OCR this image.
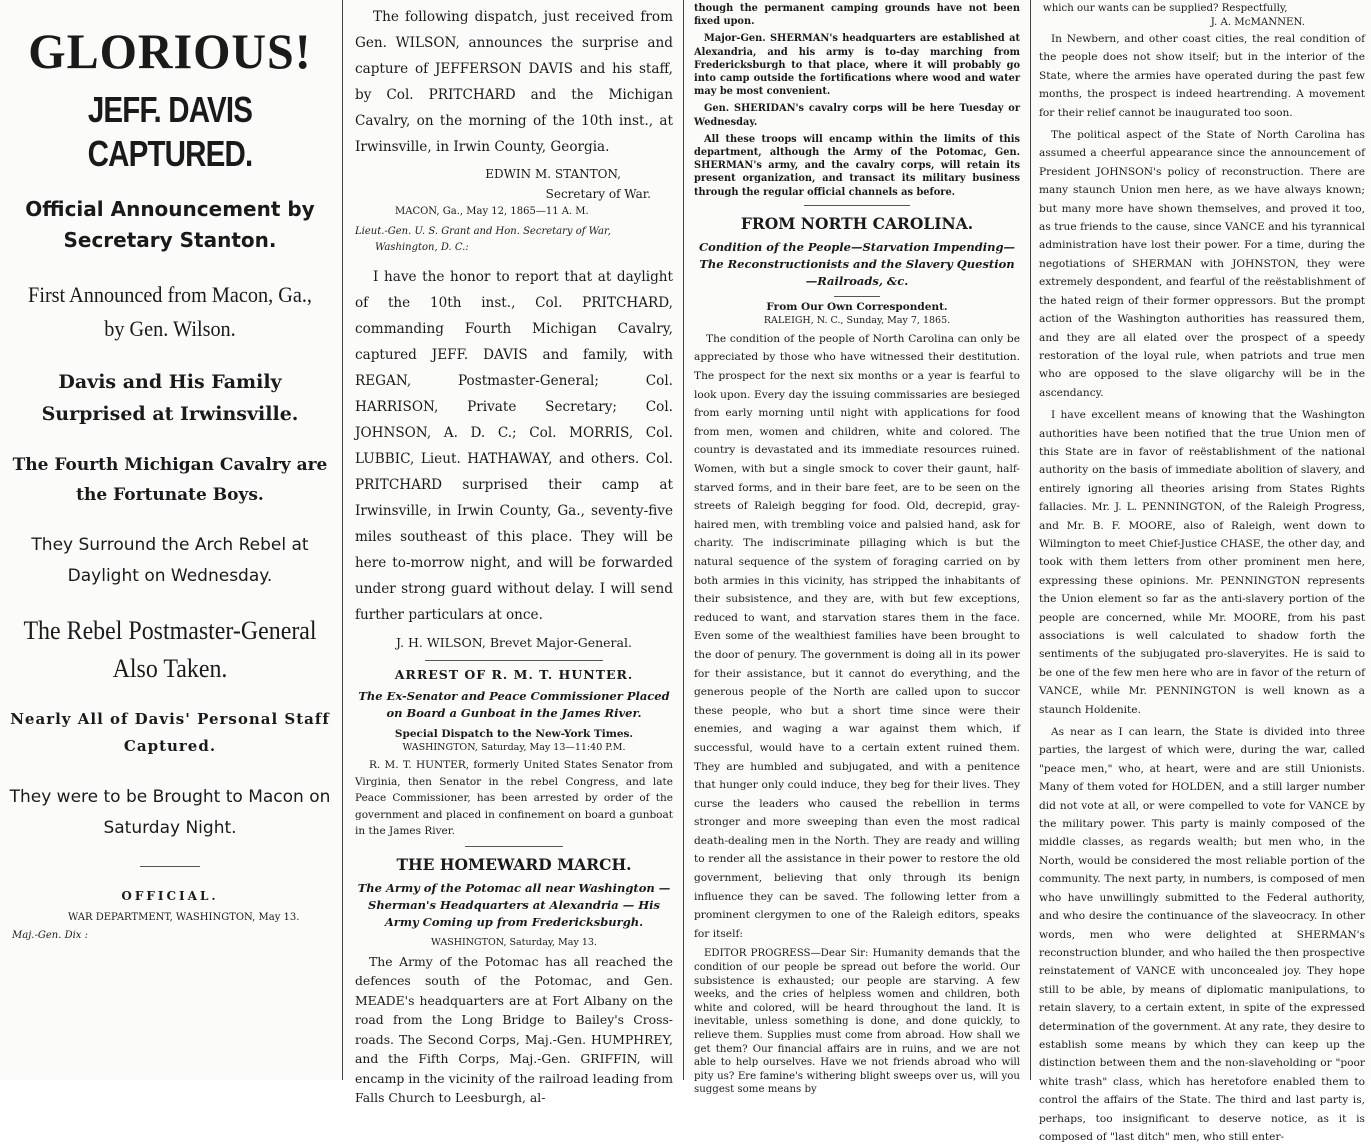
GLORIOUS!
JEFF. DAVIS CAPTURED.
Official Announcement by Secretary Stanton.
First Announced from Macon, Ga., by Gen. Wilson.
Davis and His Family Surprised at Irwinsville.
The Fourth Michigan Cavalry are the Fortunate Boys.
They Surround the Arch Rebel at Daylight on Wednesday.
The Rebel Postmaster-General Also Taken.
Nearly All of Davis' Personal Staff Captured.
They were to be Brought to Macon on Saturday Night.
OFFICIAL.

WAR DEPARTMENT, WASHINGTON, May 13.

Maj.-Gen. Dix :

The following dispatch, just received from Gen. WILSON, announces the surprise and capture of JEFFERSON DAVIS and his staff, by Col. PRITCHARD and the Michigan Cavalry, on the morning of the 10th inst., at Irwinsville, in Irwin County, Georgia.

EDWIN M. STANTON,

Secretary of War.

MACON, Ga., May 12, 1865—11 A. M.

Lieut.-Gen. U. S. Grant and Hon. Secretary of War,
Washington, D. C.:

I have the honor to report that at daylight of the 10th inst., Col. PRITCHARD, commanding Fourth Michigan Cavalry, captured JEFF. DAVIS and family, with REGAN, Postmaster-General; Col. HARRISON, Private Secretary; Col. JOHNSON, A. D. C.; Col. MORRIS, Col. LUBBIC, Lieut. HATHAWAY, and others. Col. PRITCHARD surprised their camp at Irwinsville, in Irwin County, Ga., seventy-five miles southeast of this place. They will be here to-morrow night, and will be forwarded under strong guard without delay. I will send further particulars at once.

J. H. WILSON, Brevet Major-General.

ARREST OF R. M. T. HUNTER.
The Ex-Senator and Peace Commissioner Placed on Board a Gunboat in the James River.

Special Dispatch to the New-York Times.

WASHINGTON, Saturday, May 13—11:40 P.M.

R. M. T. HUNTER, formerly United States Senator from Virginia, then Senator in the rebel Congress, and late Peace Commissioner, has been arrested by order of the government and placed in confinement on board a gunboat in the James River.

THE HOMEWARD MARCH.
The Army of the Potomac all near Washington — Sherman's Headquarters at Alexandria — His Army Coming up from Fredericksburgh.

WASHINGTON, Saturday, May 13.

The Army of the Potomac has all reached the defences south of the Potomac, and Gen. MEADE's headquarters are at Fort Albany on the road from the Long Bridge to Bailey's Cross-roads. The Second Corps, Maj.-Gen. HUMPHREY, and the Fifth Corps, Maj.-Gen. GRIFFIN, will encamp in the vicinity of the railroad leading from Falls Church to Leesburgh, al-

though the permanent camping grounds have not been fixed upon.

Major-Gen. SHERMAN's headquarters are established at Alexandria, and his army is to-day marching from Fredericksburgh to that place, where it will probably go into camp outside the fortifications where wood and water may be most convenient.

Gen. SHERIDAN's cavalry corps will be here Tuesday or Wednesday.

All these troops will encamp within the limits of this department, although the Army of the Potomac, Gen. SHERMAN's army, and the cavalry corps, will retain its present organization, and transact its military business through the regular official channels as before.

FROM NORTH CAROLINA.
Condition of the People—Starvation Impending—The Reconstructionists and the Slavery Question—Railroads, &c.

From Our Own Correspondent.

RALEIGH, N. C., Sunday, May 7, 1865.

The condition of the people of North Carolina can only be appreciated by those who have witnessed their destitution. The prospect for the next six months or a year is fearful to look upon. Every day the issuing commissaries are besieged from early morning until night with applications for food from men, women and children, white and colored. The country is devastated and its immediate resources ruined. Women, with but a single smock to cover their gaunt, half-starved forms, and in their bare feet, are to be seen on the streets of Raleigh begging for food. Old, decrepid, gray-haired men, with trembling voice and palsied hand, ask for charity. The indiscriminate pillaging which is but the natural sequence of the system of foraging carried on by both armies in this vicinity, has stripped the inhabitants of their subsistence, and they are, with but few exceptions, reduced to want, and starvation stares them in the face. Even some of the wealthiest families have been brought to the door of penury. The government is doing all in its power for their assistance, but it cannot do everything, and the generous people of the North are called upon to succor these people, who but a short time since were their enemies, and waging a war against them which, if successful, would have to a certain extent ruined them. They are humbled and subjugated, and with a penitence that hunger only could induce, they beg for their lives. They curse the leaders who caused the rebellion in terms stronger and more sweeping than even the most radical death-dealing men in the North. They are ready and willing to render all the assistance in their power to restore the old government, believing that only through its benign influence they can be saved. The following letter from a prominent clergymen to one of the Raleigh editors, speaks for itself:

EDITOR PROGRESS—Dear Sir: Humanity demands that the condition of our people be spread out before the world. Our subsistence is exhausted; our people are starving. A few weeks, and the cries of helpless women and children, both white and colored, will be heard throughout the land. It is inevitable, unless something is done, and done quickly, to relieve them. Supplies must come from abroad. How shall we get them? Our financial affairs are in ruins, and we are not able to help ourselves. Have we not friends abroad who will pity us? Ere famine's withering blight sweeps over us, will you suggest some means by

which our wants can be supplied? Respectfully,

J. A. McMANNEN.

In Newbern, and other coast cities, the real condition of the people does not show itself; but in the interior of the State, where the armies have operated during the past few months, the prospect is indeed heartrending. A movement for their relief cannot be inaugurated too soon.

The political aspect of the State of North Carolina has assumed a cheerful appearance since the announcement of President JOHNSON's policy of reconstruction. There are many staunch Union men here, as we have always known; but many more have shown themselves, and proved it too, as true friends to the cause, since VANCE and his tyrannical administration have lost their power. For a time, during the negotiations of SHERMAN with JOHNSTON, they were extremely despondent, and fearful of the reëstablishment of the hated reign of their former oppressors. But the prompt action of the Washington authorities has reassured them, and they are all elated over the prospect of a speedy restoration of the loyal rule, when patriots and true men who are opposed to the slave oligarchy will be in the ascendancy.

I have excellent means of knowing that the Washington authorities have been notified that the true Union men of this State are in favor of reëstablishment of the national authority on the basis of immediate abolition of slavery, and entirely ignoring all theories arising from States Rights fallacies. Mr. J. L. PENNINGTON, of the Raleigh Progress, and Mr. B. F. MOORE, also of Raleigh, went down to Wilmington to meet Chief-Justice CHASE, the other day, and took with them letters from other prominent men here, expressing these opinions. Mr. PENNINGTON represents the Union element so far as the anti-slavery portion of the people are concerned, while Mr. MOORE, from his past associations is well calculated to shadow forth the sentiments of the subjugated pro-slaveryites. He is said to be one of the few men here who are in favor of the return of VANCE, while Mr. PENNINGTON is well known as a staunch Holdenite.

As near as I can learn, the State is divided into three parties, the largest of which were, during the war, called "peace men," who, at heart, were and are still Unionists. Many of them voted for HOLDEN, and a still larger number did not vote at all, or were compelled to vote for VANCE by the military power. This party is mainly composed of the middle classes, as regards wealth; but men who, in the North, would be considered the most reliable portion of the community. The next party, in numbers, is composed of men who have unwillingly submitted to the Federal authority, and who desire the continuance of the slaveocracy. In other words, men who were delighted at SHERMAN's reconstruction blunder, and who hailed the then prospective reinstatement of VANCE with unconcealed joy. They hope still to be able, by means of diplomatic manipulations, to retain slavery, to a certain extent, in spite of the expressed determination of the government. At any rate, they desire to establish some means by which they can keep up the distinction between them and the non-slaveholding or "poor white trash" class, which has heretofore enabled them to control the affairs of the State. The third and last party is, perhaps, too insignificant to deserve notice, as it is composed of "last ditch" men, who still enter-
